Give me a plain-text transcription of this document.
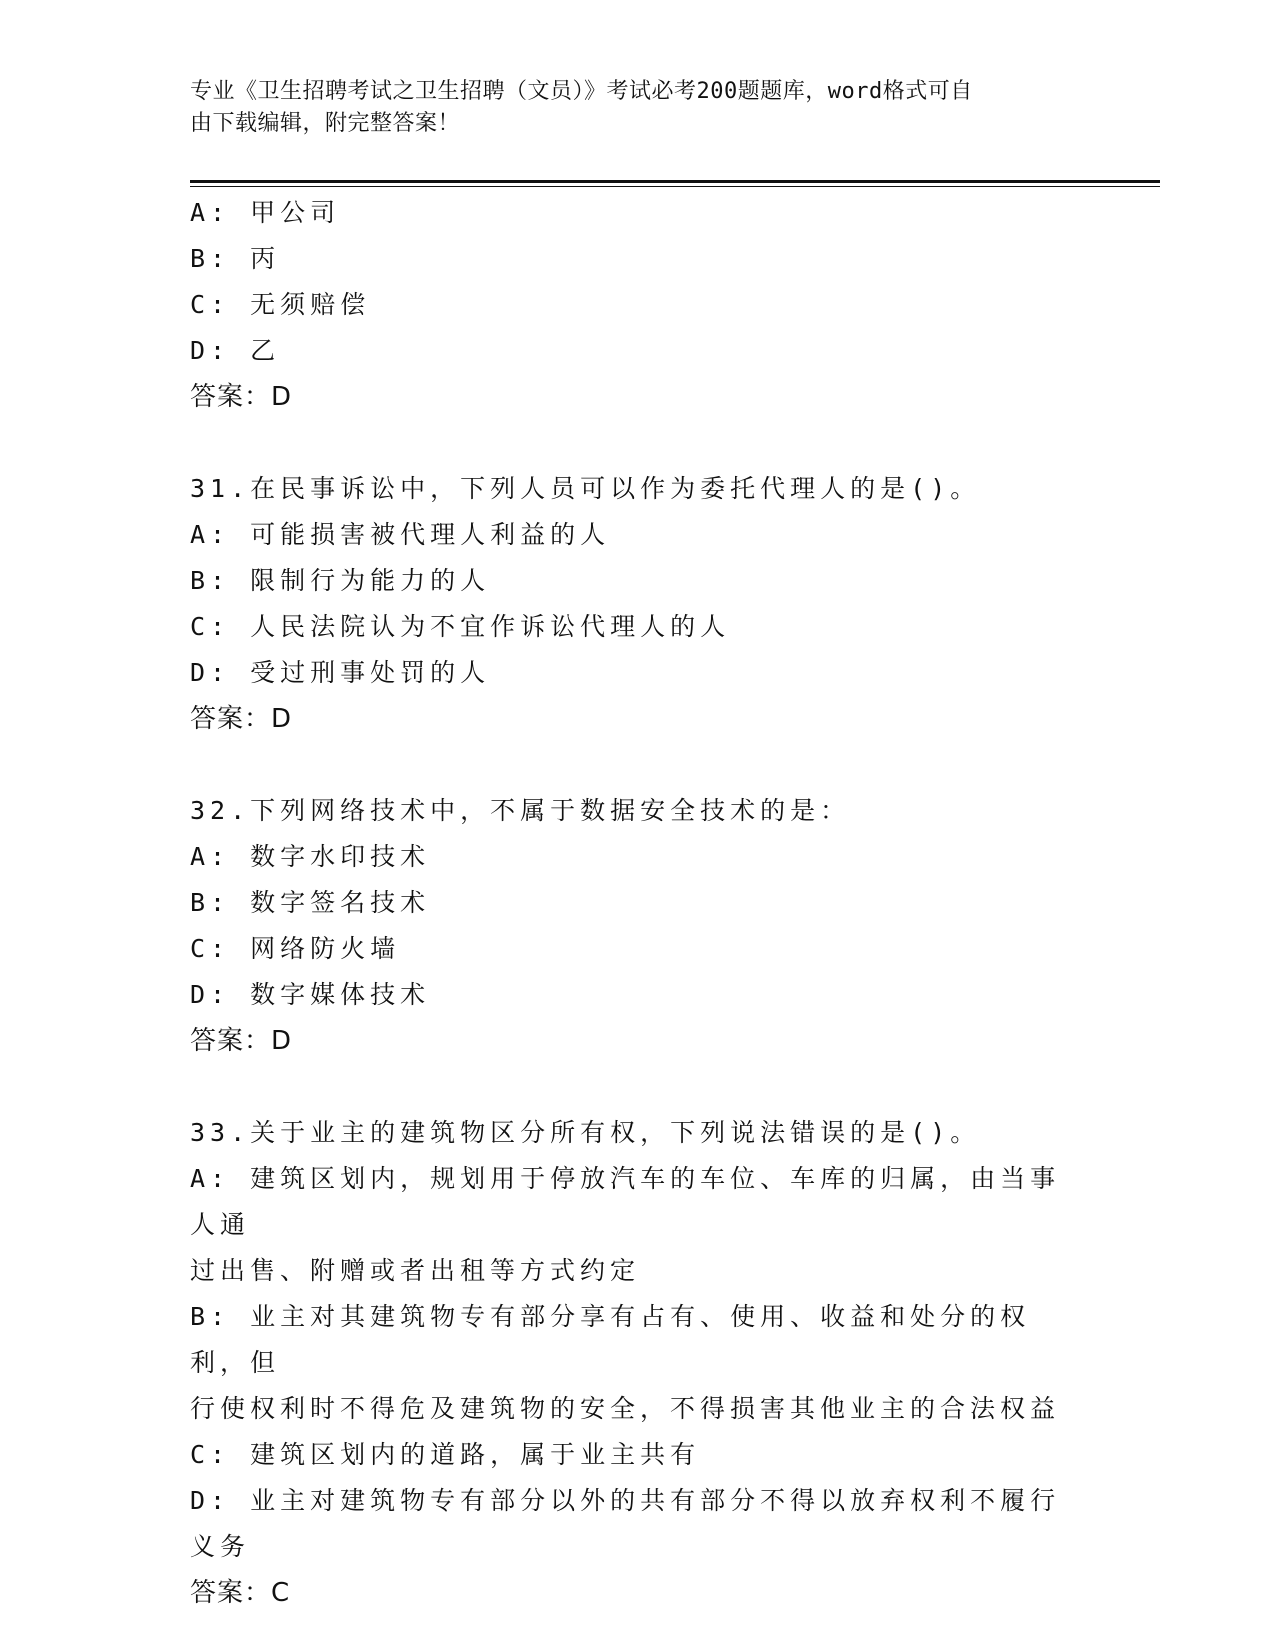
专业《卫生招聘考试之卫生招聘（文员）》考试必考200题题库，word格式可自
由下载编辑，附完整答案！

A: 甲公司

B: 丙

C: 无须赔偿

D: 乙

答案：D

31.在民事诉讼中，下列人员可以作为委托代理人的是()。

A: 可能损害被代理人利益的人

B: 限制行为能力的人

C: 人民法院认为不宜作诉讼代理人的人

D: 受过刑事处罚的人

答案：D

32.下列网络技术中，不属于数据安全技术的是：

A: 数字水印技术

B: 数字签名技术

C: 网络防火墙

D: 数字媒体技术

答案：D

33.关于业主的建筑物区分所有权，下列说法错误的是()。

A: 建筑区划内，规划用于停放汽车的车位、车库的归属，由当事人通

过出售、附赠或者出租等方式约定

B: 业主对其建筑物专有部分享有占有、使用、收益和处分的权利，但

行使权利时不得危及建筑物的安全，不得损害其他业主的合法权益

C: 建筑区划内的道路，属于业主共有

D: 业主对建筑物专有部分以外的共有部分不得以放弃权利不履行义务

答案：C
